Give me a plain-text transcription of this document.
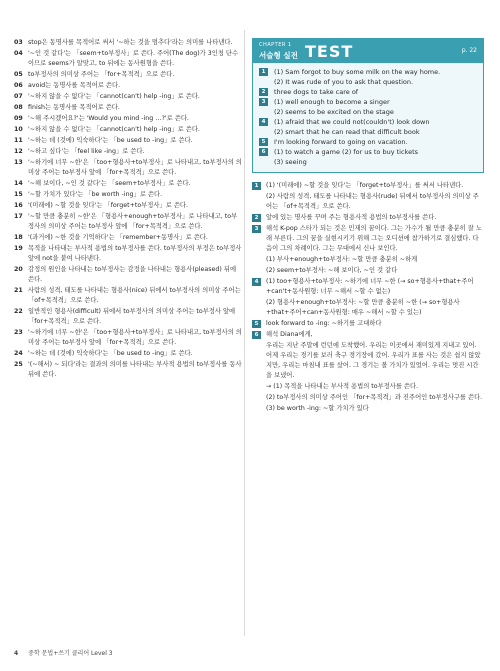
03 stop은 동명사를 목적어로 써서 '~하는 것을 멈추다'라는 의미를 나타낸다.
04 '~인 것 같다'는 「seem+to부정사」로 쓴다. 주어(The dog)가 3인칭 단수이므로 seems가 알맞고, to 뒤에는 동사원형을 쓴다.
05 to부정사의 의미상 주어는 「for+목적격」으로 쓴다.
06 avoid는 동명사를 목적어로 쓴다.
07 '~하지 않을 수 없다'는 「cannot(can't) help -ing」로 쓴다.
08 finish는 동명사를 목적어로 쓴다.
09 '~해 주시겠어요?'는 'Would you mind -ing …?'로 쓴다.
10 '~하지 않을 수 없다'는 「cannot(can't) help -ing」로 쓴다.
11 '~하는 데 (것에) 익숙하다'는 「be used to -ing」로 쓴다.
12 '~하고 싶다'는 「feel like -ing」로 쓴다.
13 '~하기에 너무 ~한'은 「too+형용사+to부정사」로 나타내고, to부정사의 의미상 주어는 to부정사 앞에 「for+목적격」으로 쓴다.
14 '~해 보이다, ~인 것 같다'는 「seem+to부정사」로 쓴다.
15 '~할 가치가 있다'는 「be worth -ing」로 쓴다.
16 '(미래에) ~할 것을 잊다'는 「forget+to부정사」로 쓴다.
17 '~할 만큼 충분히 ~한'은 「형용사+enough+to부정사」로 나타내고, to부정사의 의미상 주어는 to부정사 앞에 「for+목적격」으로 쓴다.
18 '(과거에) ~한 것을 기억하다'는 「remember+동명사」로 쓴다.
19 목적을 나타내는 부사적 용법의 to부정사를 쓴다. to부정사의 부정은 to부정사 앞에 not을 붙여 나타낸다.
20 감정의 원인을 나타내는 to부정사는 감정을 나타내는 형용사(pleased) 뒤에 쓴다.
21 사람의 성격, 태도를 나타내는 형용사(nice) 뒤에서 to부정사의 의미상 주어는 「of+목적격」으로 쓴다.
22 일반적인 형용사(difficult) 뒤에서 to부정사의 의미상 주어는 to부정사 앞에 「for+목적격」으로 쓴다.
23 '~하기에 너무 ~한'은 「too+형용사+to부정사」로 나타내고, to부정사의 의미상 주어는 to부정사 앞에 「for+목적격」으로 쓴다.
24 '~하는 데 (것에) 익숙하다'는 「be used to -ing」로 쓴다.
25 '(~해서) ~ 되다'라는 결과의 의미를 나타내는 부사적 용법의 to부정사를 동사 뒤에 쓴다.
CHAPTER 1
서술형 실전 TEST	p. 22
1	(1) Sam forgot to buy some milk on the way home.
(2) It was rude of you to ask that question.
2	three dogs to take care of
3	(1) well enough to become a singer
(2) seems to be excited on the stage
4	(1) afraid that we could not(couldn't) look down
(2) smart that he can read that difficult book
5	I'm looking forward to going on vacation.
6	(1) to watch a game (2) for us to buy tickets
(3) seeing
1	(1) '(미래에) ~할 것을 잊다'는 「forget+to부정사」를 써서 나타낸다.
(2) 사람의 성격, 태도를 나타내는 형용사(rude) 뒤에서 to부정사의 의미상 주어는 「of+목적격」으로 쓴다.
2	앞에 있는 명사를 꾸며 주는 형용사적 용법의 to부정사를 쓴다.
3	해석 K-pop 스타가 되는 것은 민재의 꿈이다. 그는 가수가 될 만큼 충분히 잘 노래 부른다. 그의 꿈을 실현시키기 위해 그는 오디션에 참가하기로 결심했다. 다음이 그의 차례이다. 그는 무대에서 신나 보인다.
(1) 부사+enough+to부정사: ~할 만큼 충분히 ~하게
(2) seem+to부정사: ~해 보이다, ~인 것 같다
4	(1) too+형용사+to부정사: ~하기에 너무 ~한 (→ so+형용사+that+주어+can't+동사원형: 너무 ~해서 ~할 수 없는)
(2) 형용사+enough+to부정사: ~할 만큼 충분히 ~한 (→ so+형용사+that+주어+can+동사원형: 매우 ~해서 ~할 수 있는)
5	look forward to -ing: ~하기를 고대하다
6	해석 Diana에게,
우리는 지난 주말에 런던에 도착했어. 우리는 이곳에서 재미있게 지내고 있어. 어제 우리는 경기를 보러 축구 경기장에 갔어. 우리가 표를 사는 것은 쉽지 않았지만, 우리는 마침내 표를 샀어. 그 경기는 볼 가치가 있었어. 우리는 멋진 시간을 보냈어.
→ (1) 목적을 나타내는 부사적 용법의 to부정사를 쓴다.
(2) to부정사의 의미상 주어인 「for+목적격」과 진주어인 to부정사구를 쓴다.
(3) be worth -ing: ~할 가치가 있다
4 중학 문법+쓰기 클리어 Level 3
